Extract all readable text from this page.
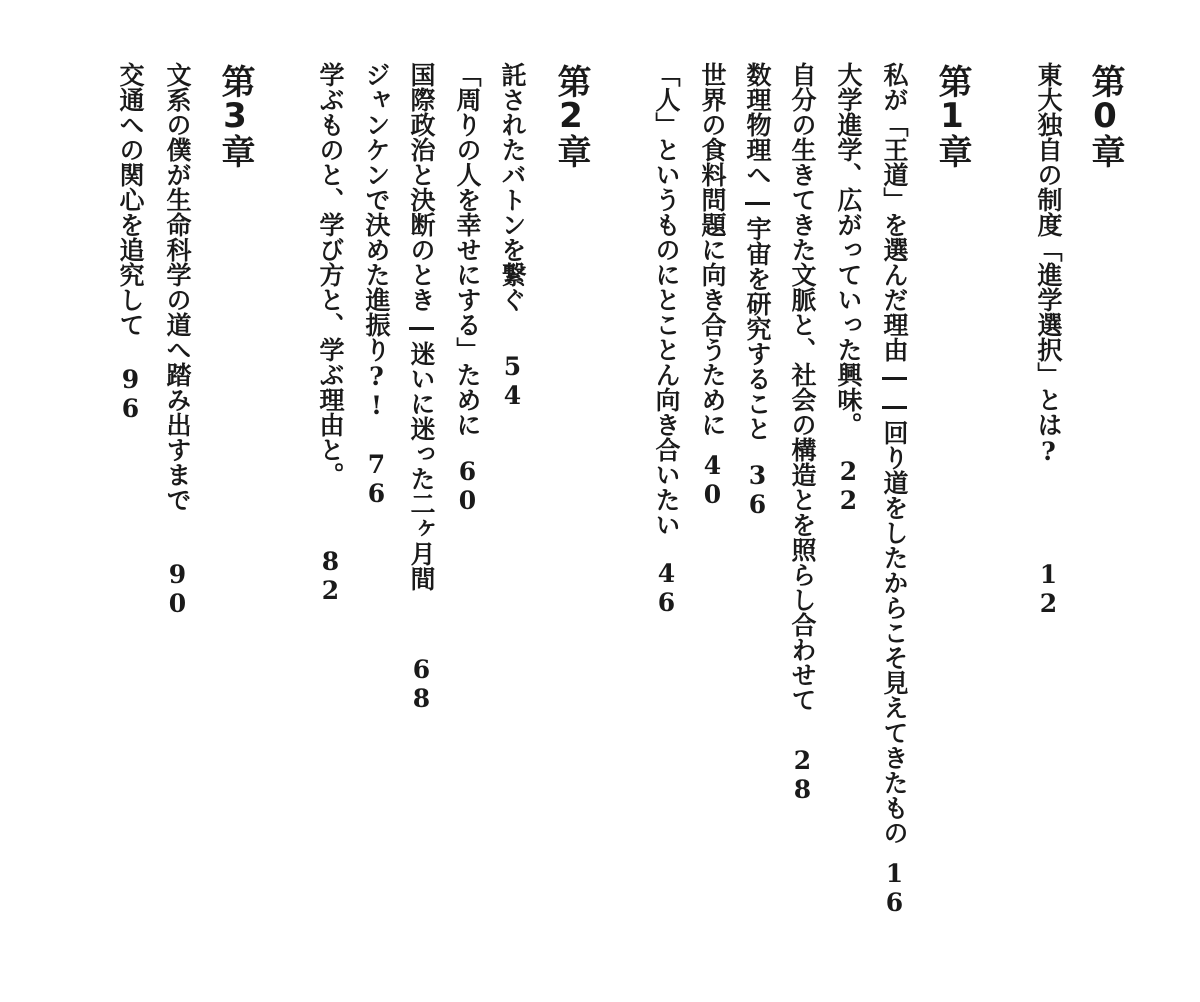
第0章
東大独自の制度「進学選択」とは?12
第1章
私が「王道」を選んだ理由――回り道をしたからこそ見えてきたもの16
大学進学、広がっていった興味。22
自分の生きてきた文脈と、社会の構造とを照らし合わせて28
数理物理へ―宇宙を研究すること36
世界の食料問題に向き合うために40
「人」というものにとことん向き合いたい46
第2章
託されたバトンを繋ぐ54
「周りの人を幸せにする」ために60
国際政治と決断のとき―迷いに迷った二ヶ月間68
ジャンケンで決めた進振り?!76
学ぶものと、学び方と、学ぶ理由と。82
第3章
文系の僕が生命科学の道へ踏み出すまで90
交通への関心を追究して96
